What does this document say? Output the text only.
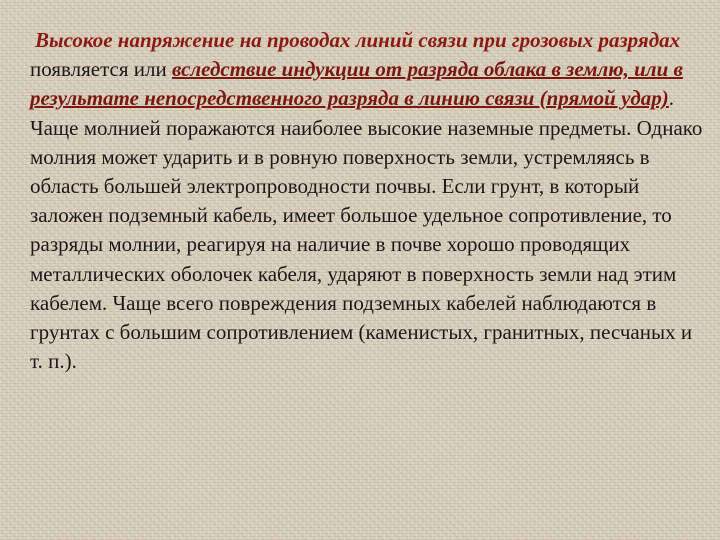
Высокое напряжение на проводах линий связи при грозовых разрядах появляется или вследствие индукции от разряда облака в землю, или в результате непосредственного разряда в линию связи (прямой удар). Чаще молнией поражаются наиболее высокие наземные предметы. Однако молния может ударить и в ровную поверхность земли, устремляясь в область большей электропроводности почвы. Если грунт, в который заложен подземный кабель, имеет большое удельное сопротивление, то разряды молнии, реагируя на наличие в почве хорошо проводящих металлических оболочек кабеля, ударяют в поверхность земли над этим кабелем. Чаще всего повреждения подземных кабелей наблюдаются в грунтах с большим сопротивлением (каменистых, гранитных, песчаных и т. п.).
